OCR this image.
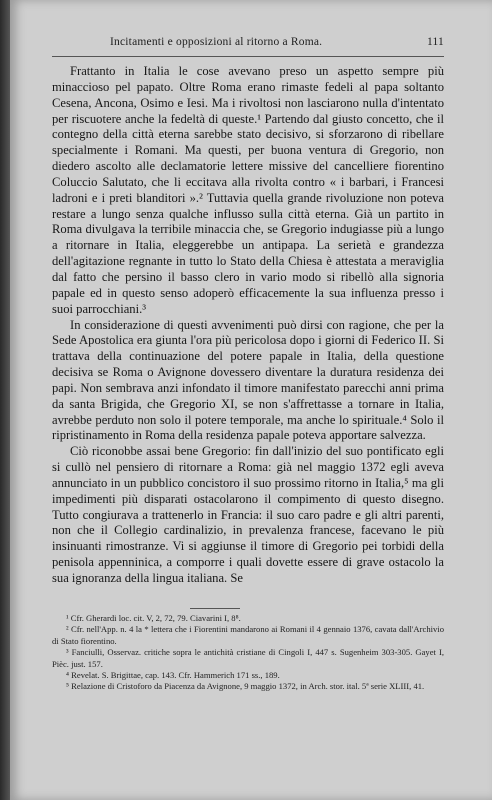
Incitamenti e opposizioni al ritorno a Roma.	111

Frattanto in Italia le cose avevano preso un aspetto sempre più minaccioso pel papato. Oltre Roma erano rimaste fedeli al papa soltanto Cesena, Ancona, Osimo e Iesi. Ma i rivoltosi non lasciarono nulla d'intentato per riscuotere anche la fedeltà di queste.¹ Partendo dal giusto concetto, che il contegno della città eterna sarebbe stato decisivo, si sforzarono di ribellare specialmente i Romani. Ma questi, per buona ventura di Gregorio, non diedero ascolto alle declamatorie lettere missive del cancelliere fiorentino Coluccio Salutato, che li eccitava alla rivolta contro « i barbari, i Francesi ladroni e i preti blanditori ».² Tuttavia quella grande rivoluzione non poteva restare a lungo senza qualche influsso sulla città eterna. Già un partito in Roma divulgava la terribile minaccia che, se Gregorio indugiasse più a lungo a ritornare in Italia, eleggerebbe un antipapa. La serietà e grandezza dell'agitazione regnante in tutto lo Stato della Chiesa è attestata a meraviglia dal fatto che persino il basso clero in vario modo si ribellò alla signoria papale ed in questo senso adoperò efficacemente la sua influenza presso i suoi parrocchiani.³

In considerazione di questi avvenimenti può dirsi con ragione, che per la Sede Apostolica era giunta l'ora più pericolosa dopo i giorni di Federico II. Si trattava della continuazione del potere papale in Italia, della questione decisiva se Roma o Avignone dovessero diventare la duratura residenza dei papi. Non sembrava anzi infondato il timore manifestato parecchi anni prima da santa Brigida, che Gregorio XI, se non s'affrettasse a tornare in Italia, avrebbe perduto non solo il potere temporale, ma anche lo spirituale.⁴ Solo il ripristinamento in Roma della residenza papale poteva apportare salvezza.

Ciò riconobbe assai bene Gregorio: fin dall'inizio del suo pontificato egli si cullò nel pensiero di ritornare a Roma: già nel maggio 1372 egli aveva annunciato in un pubblico concistoro il suo prossimo ritorno in Italia,⁵ ma gli impedimenti più disparati ostacolarono il compimento di questo disegno. Tutto congiurava a trattenerlo in Francia: il suo caro padre e gli altri parenti, non che il Collegio cardinalizio, in prevalenza francese, facevano le più insinuanti rimostranze. Vi si aggiunse il timore di Gregorio pei torbidi della penisola appenninica, a comporre i quali dovette essere di grave ostacolo la sua ignoranza della lingua italiana. Se

¹ Cfr. Gherardi loc. cit. V, 2, 72, 79. Ciavarini I, 8⁸.

² Cfr. nell'App. n. 4 la * lettera che i Fiorentini mandarono ai Romani il 4 gennaio 1376, cavata dall'Archivio di Stato fiorentino.

³ Fanciulli, Osservaz. critiche sopra le antichità cristiane di Cingoli I, 447 s. Sugenheim 303-305. Gayet I, Pièc. just. 157.

⁴ Revelat. S. Brigittae, cap. 143. Cfr. Hammerich 171 ss., 189.

⁵ Relazione di Cristoforo da Piacenza da Avignone, 9 maggio 1372, in Arch. stor. ital. 5ª serie XLIII, 41.
